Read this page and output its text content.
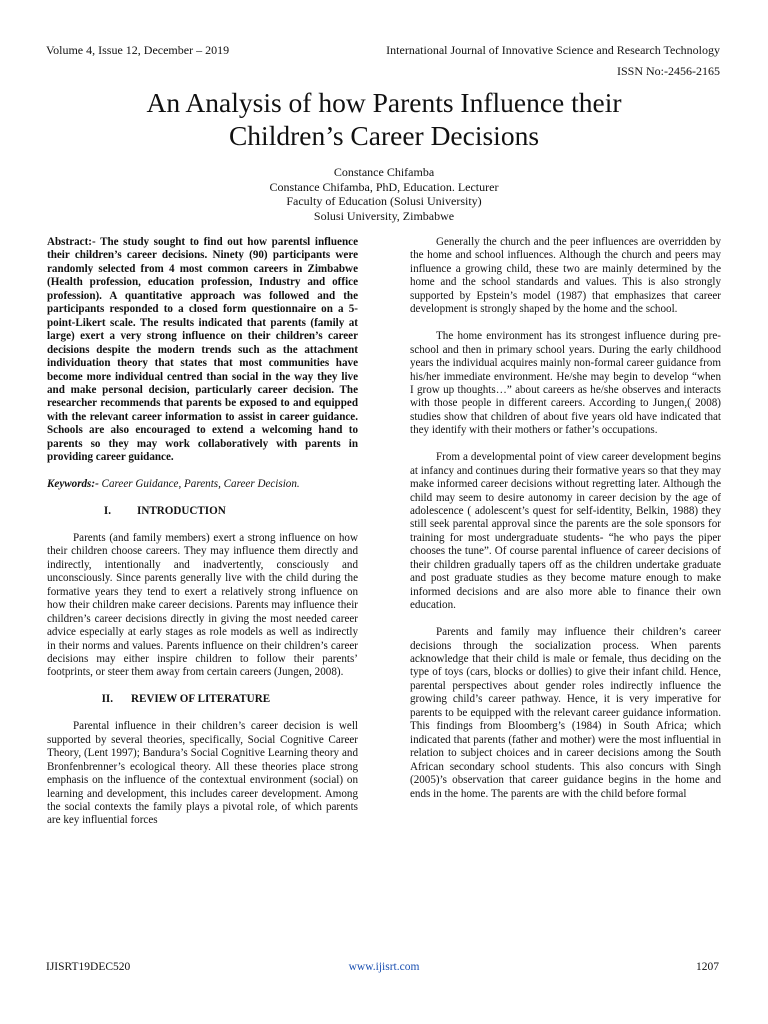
Volume 4, Issue 12, December – 2019	International Journal of Innovative Science and Research Technology
ISSN No:-2456-2165
An Analysis of how Parents Influence their
Children’s Career Decisions
Constance Chifamba
Constance Chifamba, PhD, Education. Lecturer
Faculty of Education (Solusi University)
Solusi University, Zimbabwe

Abstract:- The study sought to find out how parentsl influence their children’s career decisions. Ninety (90) participants were randomly selected from 4 most common careers in Zimbabwe (Health profession, education profession, Industry and office profession). A quantitative approach was followed and the participants responded to a closed form questionnaire on a 5-point-Likert scale. The results indicated that parents (family at large) exert a very strong influence on their children’s career decisions despite the modern trends such as the attachment individuation theory that states that most communities have become more individual centred than social in the way they live and make personal decision, particularly career decision. The researcher recommends that parents be exposed to and equipped with the relevant career information to assist in career guidance. Schools are also encouraged to extend a welcoming hand to parents so they may work collaboratively with parents in providing career guidance.

Keywords:- Career Guidance, Parents, Career Decision.

I.	INTRODUCTION

Parents (and family members) exert a strong influence on how their children choose careers. They may influence them directly and indirectly, intentionally and inadvertently, consciously and unconsciously. Since parents generally live with the child during the formative years they tend to exert a relatively strong influence on how their children make career decisions. Parents may influence their children’s career decisions directly in giving the most needed career advice especially at early stages as role models as well as indirectly in their norms and values. Parents influence on their children’s career decisions may either inspire children to follow their parents’ footprints, or steer them away from certain careers (Jungen, 2008).

II.	REVIEW OF LITERATURE

Parental influence in their children’s career decision is well supported by several theories, specifically, Social Cognitive Career Theory, (Lent 1997); Bandura’s Social Cognitive Learning theory and Bronfenbrenner’s ecological theory. All these theories place strong emphasis on the influence of the contextual environment (social) on learning and development, this includes career development. Among the social contexts the family plays a pivotal role, of which parents are key influential forces

Generally the church and the peer influences are overridden by the home and school influences. Although the church and peers may influence a growing child, these two are mainly determined by the home and the school standards and values. This is also strongly supported by Epstein’s model (1987) that emphasizes that career development is strongly shaped by the home and the school.

The home environment has its strongest influence during pre-school and then in primary school years. During the early childhood years the individual acquires mainly non-formal career guidance from his/her immediate environment. He/she may begin to develop “when I grow up thoughts…” about careers as he/she observes and interacts with those people in different careers. According to Jungen,( 2008) studies show that children of about five years old have indicated that they identify with their mothers or father’s occupations.

From a developmental point of view career development begins at infancy and continues during their formative years so that they may make informed career decisions without regretting later. Although the child may seem to desire autonomy in career decision by the age of adolescence ( adolescent’s quest for self-identity, Belkin, 1988) they still seek parental approval since the parents are the sole sponsors for training for most undergraduate students- “he who pays the piper chooses the tune”. Of course parental influence of career decisions of their children gradually tapers off as the children undertake graduate and post graduate studies as they become mature enough to make informed decisions and are also more able to finance their own education.

Parents and family may influence their children’s career decisions through the socialization process. When parents acknowledge that their child is male or female, thus deciding on the type of toys (cars, blocks or dollies) to give their infant child. Hence, parental perspectives about gender roles indirectly influence the growing child’s career pathway. Hence, it is very imperative for parents to be equipped with the relevant career guidance information. This findings from Bloomberg’s (1984) in South Africa; which indicated that parents (father and mother) were the most influential in relation to subject choices and in career decisions among the South African secondary school students. This also concurs with Singh (2005)’s observation that career guidance begins in the home and ends in the home. The parents are with the child before formal

IJISRT19DEC520	www.ijisrt.com	1207
